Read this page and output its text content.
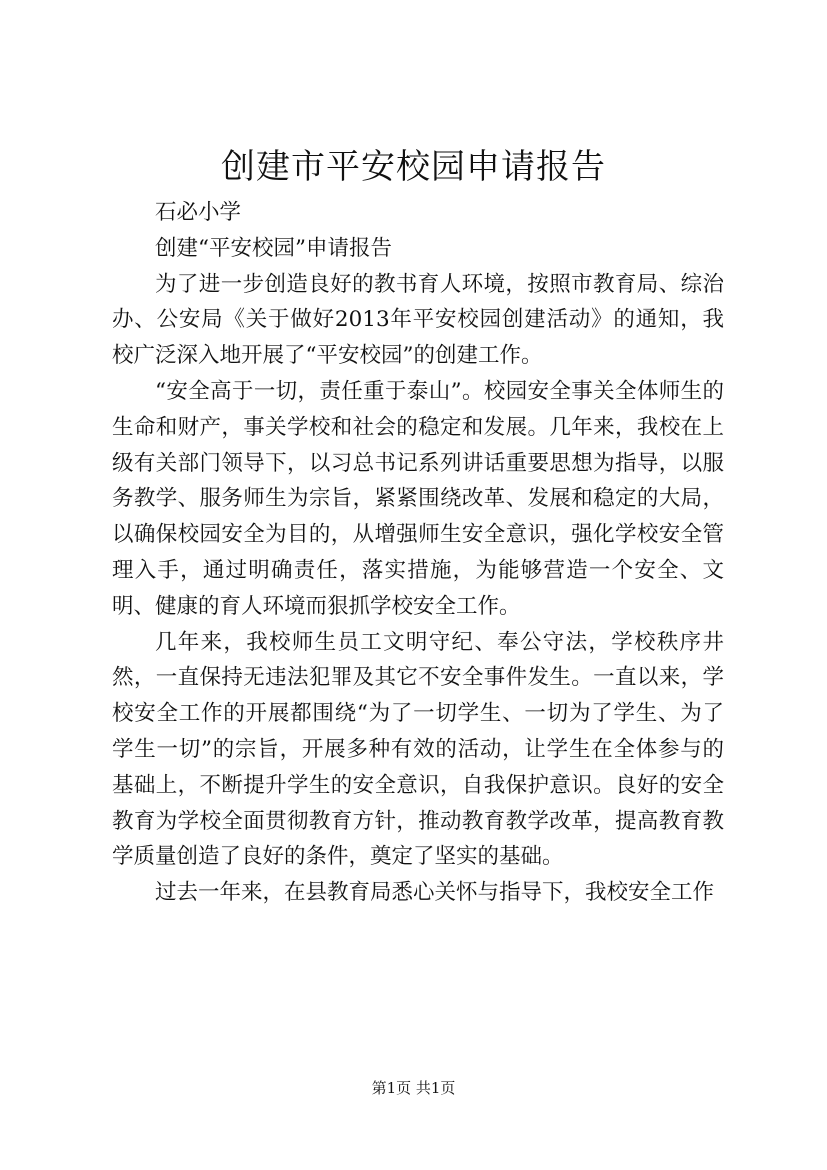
创建市平安校园申请报告

石必小学

创建“平安校园”申请报告

为了进一步创造良好的教书育人环境，按照市教育局、综治办、公安局《关于做好2013年平安校园创建活动》的通知，我校广泛深入地开展了“平安校园”的创建工作。

“安全高于一切，责任重于泰山”。校园安全事关全体师生的生命和财产，事关学校和社会的稳定和发展。几年来，我校在上级有关部门领导下，以习总书记系列讲话重要思想为指导，以服务教学、服务师生为宗旨，紧紧围绕改革、发展和稳定的大局，以确保校园安全为目的，从增强师生安全意识，强化学校安全管理入手，通过明确责任，落实措施，为能够营造一个安全、文明、健康的育人环境而狠抓学校安全工作。

几年来，我校师生员工文明守纪、奉公守法，学校秩序井然，一直保持无违法犯罪及其它不安全事件发生。一直以来，学校安全工作的开展都围绕“为了一切学生、一切为了学生、为了学生一切”的宗旨，开展多种有效的活动，让学生在全体参与的基础上，不断提升学生的安全意识，自我保护意识。良好的安全教育为学校全面贯彻教育方针，推动教育教学改革，提高教育教学质量创造了良好的条件，奠定了坚实的基础。

过去一年来，在县教育局悉心关怀与指导下，我校安全工作

第1页 共1页
